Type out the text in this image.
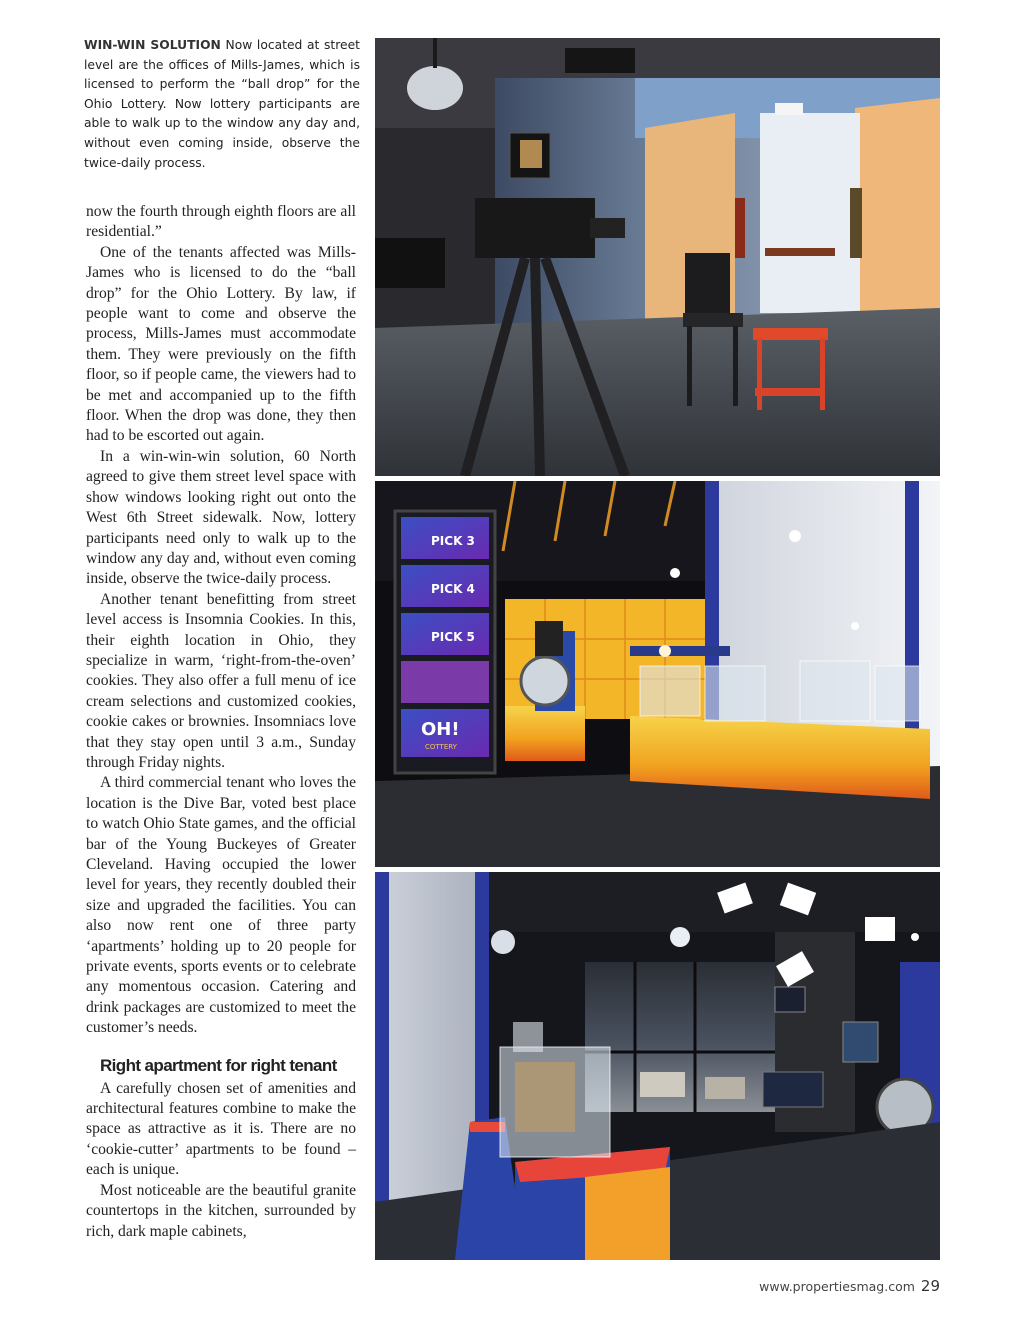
WIN-WIN SOLUTION Now located at street level are the offices of Mills-James, which is licensed to perform the “ball drop” for the Ohio Lottery. Now lottery participants are able to walk up to the window any day and, without even coming inside, observe the twice-daily process.

now the fourth through eighth floors are all residential.”

One of the tenants affected was Mills-James who is licensed to do the “ball drop” for the Ohio Lottery. By law, if people want to come and observe the process, Mills-James must accommodate them. They were previously on the fifth floor, so if people came, the viewers had to be met and accompanied up to the fifth floor. When the drop was done, they then had to be escorted out again.

In a win-win-win solution, 60 North agreed to give them street level space with show windows looking right out onto the West 6th Street sidewalk. Now, lottery participants need only to walk up to the window any day and, without even coming inside, observe the twice-daily process.

Another tenant benefitting from street level access is Insomnia Cookies. In this, their eighth location in Ohio, they specialize in warm, ‘right-from-the-oven’ cookies. They also offer a full menu of ice cream selections and customized cookies, cookie cakes or brownies. Insomniacs love that they stay open until 3 a.m., Sunday through Friday nights.

A third commercial tenant who loves the location is the Dive Bar, voted best place to watch Ohio State games, and the official bar of the Young Buckeyes of Greater Cleveland. Having occupied the lower level for years, they recently doubled their size and upgraded the facilities. You can also now rent one of three party ‘apartments’ holding up to 20 people for private events, sports events or to celebrate any momentous occasion. Catering and drink packages are customized to meet the customer’s needs.

Right apartment for right tenant

A carefully chosen set of amenities and architectural features combine to make the space as attractive as it is. There are no ‘cookie-cutter’ apartments to be found – each is unique.

Most noticeable are the beautiful granite countertops in the kitchen, surrounded by rich, dark maple cabinets,

PICK 3
PICK 4
PICK 5
OH!
COTTERY
www.propertiesmag.com 29
